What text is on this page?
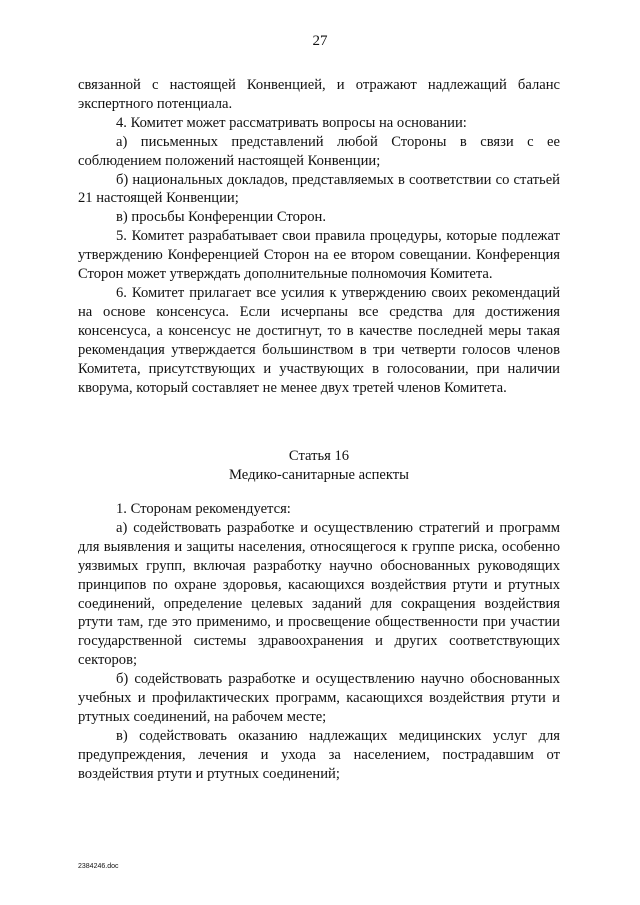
27

связанной с настоящей Конвенцией, и отражают надлежащий баланс экспертного потенциала.

4. Комитет может рассматривать вопросы на основании:

а) письменных представлений любой Стороны в связи с ее соблюдением положений настоящей Конвенции;

б) национальных докладов, представляемых в соответствии со статьей 21 настоящей Конвенции;

в) просьбы Конференции Сторон.

5. Комитет разрабатывает свои правила процедуры, которые подлежат утверждению Конференцией Сторон на ее втором совещании. Конференция Сторон может утверждать дополнительные полномочия Комитета.

6. Комитет прилагает все усилия к утверждению своих рекомендаций на основе консенсуса. Если исчерпаны все средства для достижения консенсуса, а консенсус не достигнут, то в качестве последней меры такая рекомендация утверждается большинством в три четверти голосов членов Комитета, присутствующих и участвующих в голосовании, при наличии кворума, который составляет не менее двух третей членов Комитета.

Статья 16

Медико-санитарные аспекты

1. Сторонам рекомендуется:

а) содействовать разработке и осуществлению стратегий и программ для выявления и защиты населения, относящегося к группе риска, особенно уязвимых групп, включая разработку научно обоснованных руководящих принципов по охране здоровья, касающихся воздействия ртути и ртутных соединений, определение целевых заданий для сокращения воздействия ртути там, где это применимо, и просвещение общественности при участии государственной системы здравоохранения и других соответствующих секторов;

б) содействовать разработке и осуществлению научно обоснованных учебных и профилактических программ, касающихся воздействия ртути и ртутных соединений, на рабочем месте;

в) содействовать оказанию надлежащих медицинских услуг для предупреждения, лечения и ухода за населением, пострадавшим от воздействия ртути и ртутных соединений;

2384246.doc
